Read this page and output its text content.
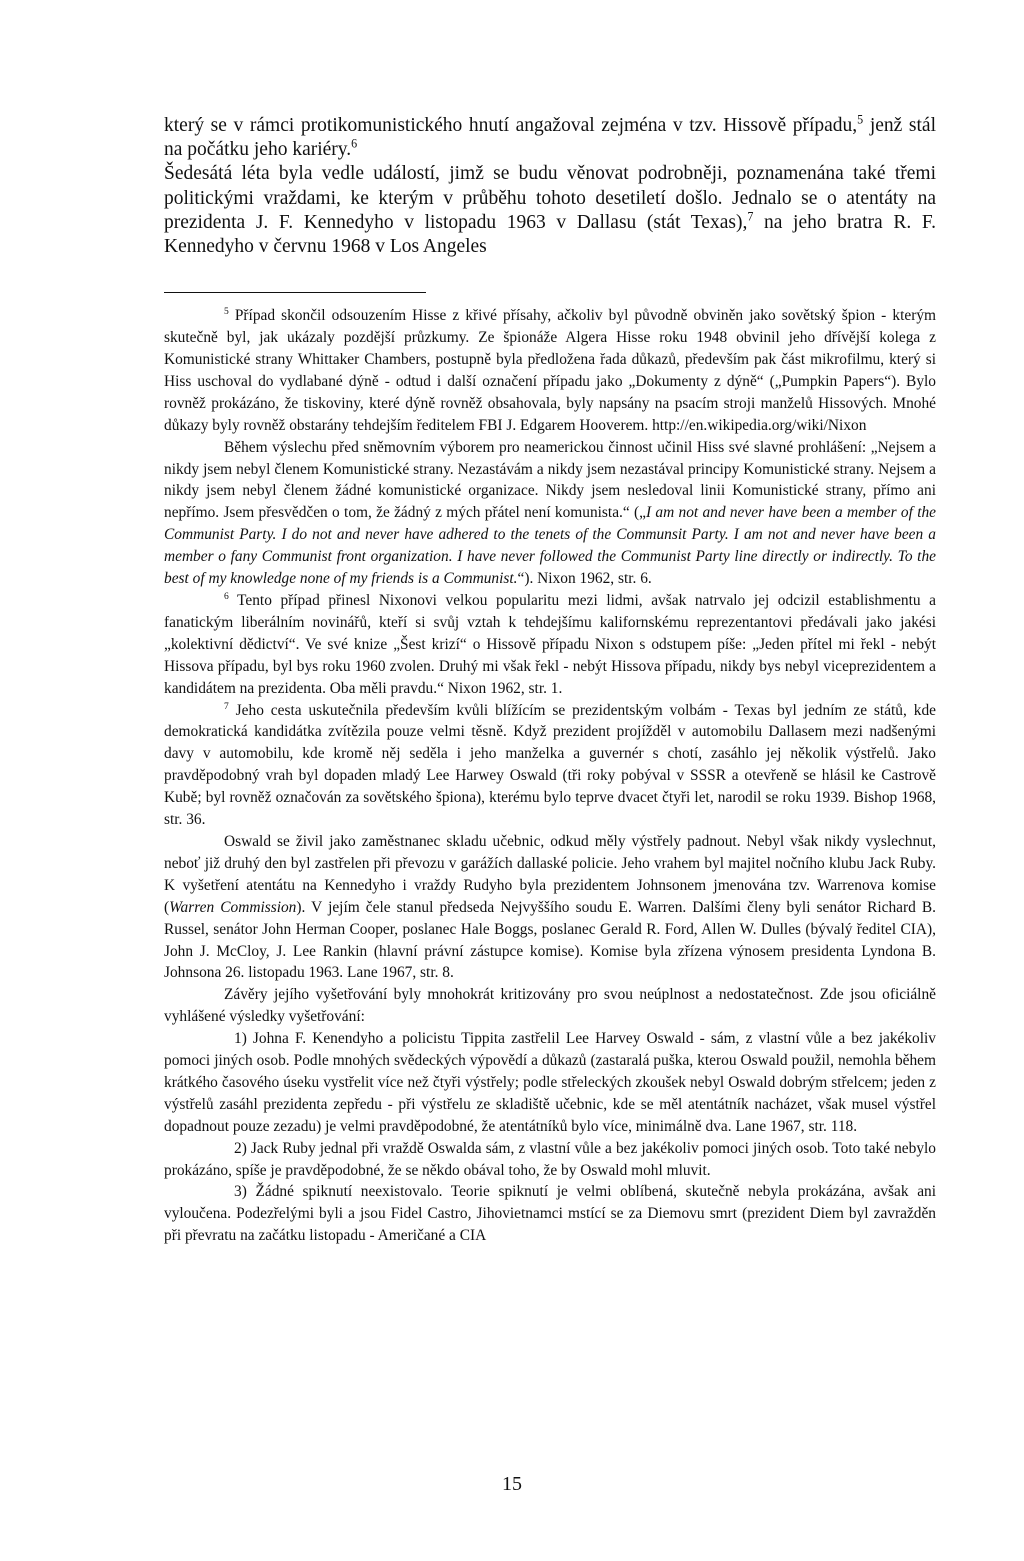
který se v rámci protikomunistického hnutí angažoval zejména v tzv. Hissově případu,$^5$ jenž stál na počátku jeho kariéry.$^6$

Šedesátá léta byla vedle událostí, jimž se budu věnovat podrobněji, poznamenána také třemi politickými vraždami, ke kterým v průběhu tohoto desetiletí došlo. Jednalo se o atentáty na prezidenta J. F. Kennedyho v listopadu 1963 v Dallasu (stát Texas),$^7$ na jeho bratra R. F. Kennedyho v červnu 1968 v Los Angeles

$^5$ Případ skončil odsouzením Hisse z křivé přísahy, ačkoliv byl původně obviněn jako sovětský špion - kterým skutečně byl, jak ukázaly pozdější průzkumy. Ze špionáže Algera Hisse roku 1948 obvinil jeho dřívější kolega z Komunistické strany Whittaker Chambers, postupně byla předložena řada důkazů, především pak část mikrofilmu, který si Hiss uschoval do vydlabané dýně - odtud i další označení případu jako „Dokumenty z dýně“ („Pumpkin Papers“). Bylo rovněž prokázáno, že tiskoviny, které dýně rovněž obsahovala, byly napsány na psacím stroji manželů Hissových. Mnohé důkazy byly rovněž obstarány tehdejším ředitelem FBI J. Edgarem Hooverem. http://en.wikipedia.org/wiki/Nixon

Během výslechu před sněmovním výborem pro neamerickou činnost učinil Hiss své slavné prohlášení: „Nejsem a nikdy jsem nebyl členem Komunistické strany. Nezastávám a nikdy jsem nezastával principy Komunistické strany. Nejsem a nikdy jsem nebyl členem žádné komunistické organizace. Nikdy jsem nesledoval linii Komunistické strany, přímo ani nepřímo. Jsem přesvědčen o tom, že žádný z mých přátel není komunista.“ („I am not and never have been a member of the Communist Party. I do not and never have adhered to the tenets of the Communsit Party. I am not and never have been a member o fany Communist front organization. I have never followed the Communist Party line directly or indirectly. To the best of my knowledge none of my friends is a Communist.“). Nixon 1962, str. 6.

$^6$ Tento případ přinesl Nixonovi velkou popularitu mezi lidmi, avšak natrvalo jej odcizil establishmentu a fanatickým liberálním novinářů, kteří si svůj vztah k tehdejšímu kalifornskému reprezentantovi předávali jako jakési „kolektivní dědictví“. Ve své knize „Šest krizí“ o Hissově případu Nixon s odstupem píše: „Jeden přítel mi řekl - nebýt Hissova případu, byl bys roku 1960 zvolen. Druhý mi však řekl - nebýt Hissova případu, nikdy bys nebyl viceprezidentem a kandidátem na prezidenta. Oba měli pravdu.“ Nixon 1962, str. 1.

$^7$ Jeho cesta uskutečnila především kvůli blížícím se prezidentským volbám - Texas byl jedním ze států, kde demokratická kandidátka zvítězila pouze velmi těsně. Když prezident projížděl v automobilu Dallasem mezi nadšenými davy v automobilu, kde kromě něj seděla i jeho manželka a guvernér s chotí, zasáhlo jej několik výstřelů. Jako pravděpodobný vrah byl dopaden mladý Lee Harwey Oswald (tři roky pobýval v SSSR a otevřeně se hlásil ke Castrově Kubě; byl rovněž označován za sovětského špiona), kterému bylo teprve dvacet čtyři let, narodil se roku 1939. Bishop 1968, str. 36.

Oswald se živil jako zaměstnanec skladu učebnic, odkud měly výstřely padnout. Nebyl však nikdy vyslechnut, neboť již druhý den byl zastřelen při převozu v garážích dallaské policie. Jeho vrahem byl majitel nočního klubu Jack Ruby. K vyšetření atentátu na Kennedyho i vraždy Rudyho byla prezidentem Johnsonem jmenována tzv. Warrenova komise (Warren Commission). V jejím čele stanul předseda Nejvyššího soudu E. Warren. Dalšími členy byli senátor Richard B. Russel, senátor John Herman Cooper, poslanec Hale Boggs, poslanec Gerald R. Ford, Allen W. Dulles (bývalý ředitel CIA), John J. McCloy, J. Lee Rankin (hlavní právní zástupce komise). Komise byla zřízena výnosem presidenta Lyndona B. Johnsona 26. listopadu 1963. Lane 1967, str. 8.

Závěry jejího vyšetřování byly mnohokrát kritizovány pro svou neúplnost a nedostatečnost. Zde jsou oficiálně vyhlášené výsledky vyšetřování:

1) Johna F. Kenendyho a policistu Tippita zastřelil Lee Harvey Oswald - sám, z vlastní vůle a bez jakékoliv pomoci jiných osob. Podle mnohých svědeckých výpovědí a důkazů (zastaralá puška, kterou Oswald použil, nemohla během krátkého časového úseku vystřelit více než čtyři výstřely; podle střeleckých zkoušek nebyl Oswald dobrým střelcem; jeden z výstřelů zasáhl prezidenta zepředu - při výstřelu ze skladiště učebnic, kde se měl atentátník nacházet, však musel výstřel dopadnout pouze zezadu) je velmi pravděpodobné, že atentátníků bylo více, minimálně dva. Lane 1967, str. 118.

2) Jack Ruby jednal při vraždě Oswalda sám, z vlastní vůle a bez jakékoliv pomoci jiných osob. Toto také nebylo prokázáno, spíše je pravděpodobné, že se někdo obával toho, že by Oswald mohl mluvit.

3) Žádné spiknutí neexistovalo. Teorie spiknutí je velmi oblíbená, skutečně nebyla prokázána, avšak ani vyloučena. Podezřelými byli a jsou Fidel Castro, Jihovietnamci mstící se za Diemovu smrt (prezident Diem byl zavražděn při převratu na začátku listopadu - Američané a CIA

15
